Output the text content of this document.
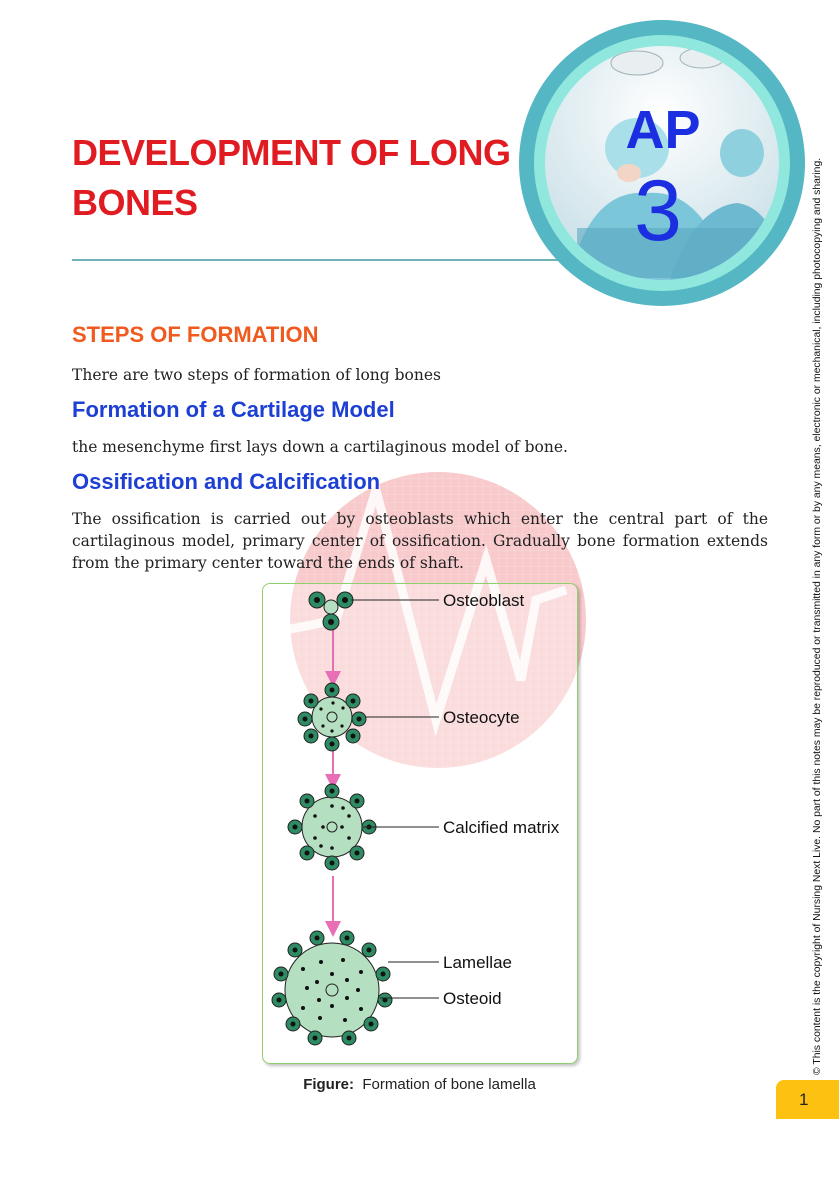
DEVELOPMENT OF LONG
BONES
AP
3
STEPS OF FORMATION

There are two steps of formation of long bones

Formation of a Cartilage Model

the mesenchyme first lays down a cartilaginous model of bone.

Ossification and Calcification

The ossification is carried out by osteoblasts which enter the central part of the cartilaginous model, primary center of ossification. Gradually bone formation extends from the primary center toward the ends of shaft.

Osteoblast
Osteocyte
Calcified matrix
Lamellae
Osteoid
Figure: Formation of bone lamella
© This content is the copyright of Nursing Next Live. No part of this notes may be reproduced or transmitted in any form or by any means, electronic or mechanical, including photocopying and sharing.
1
